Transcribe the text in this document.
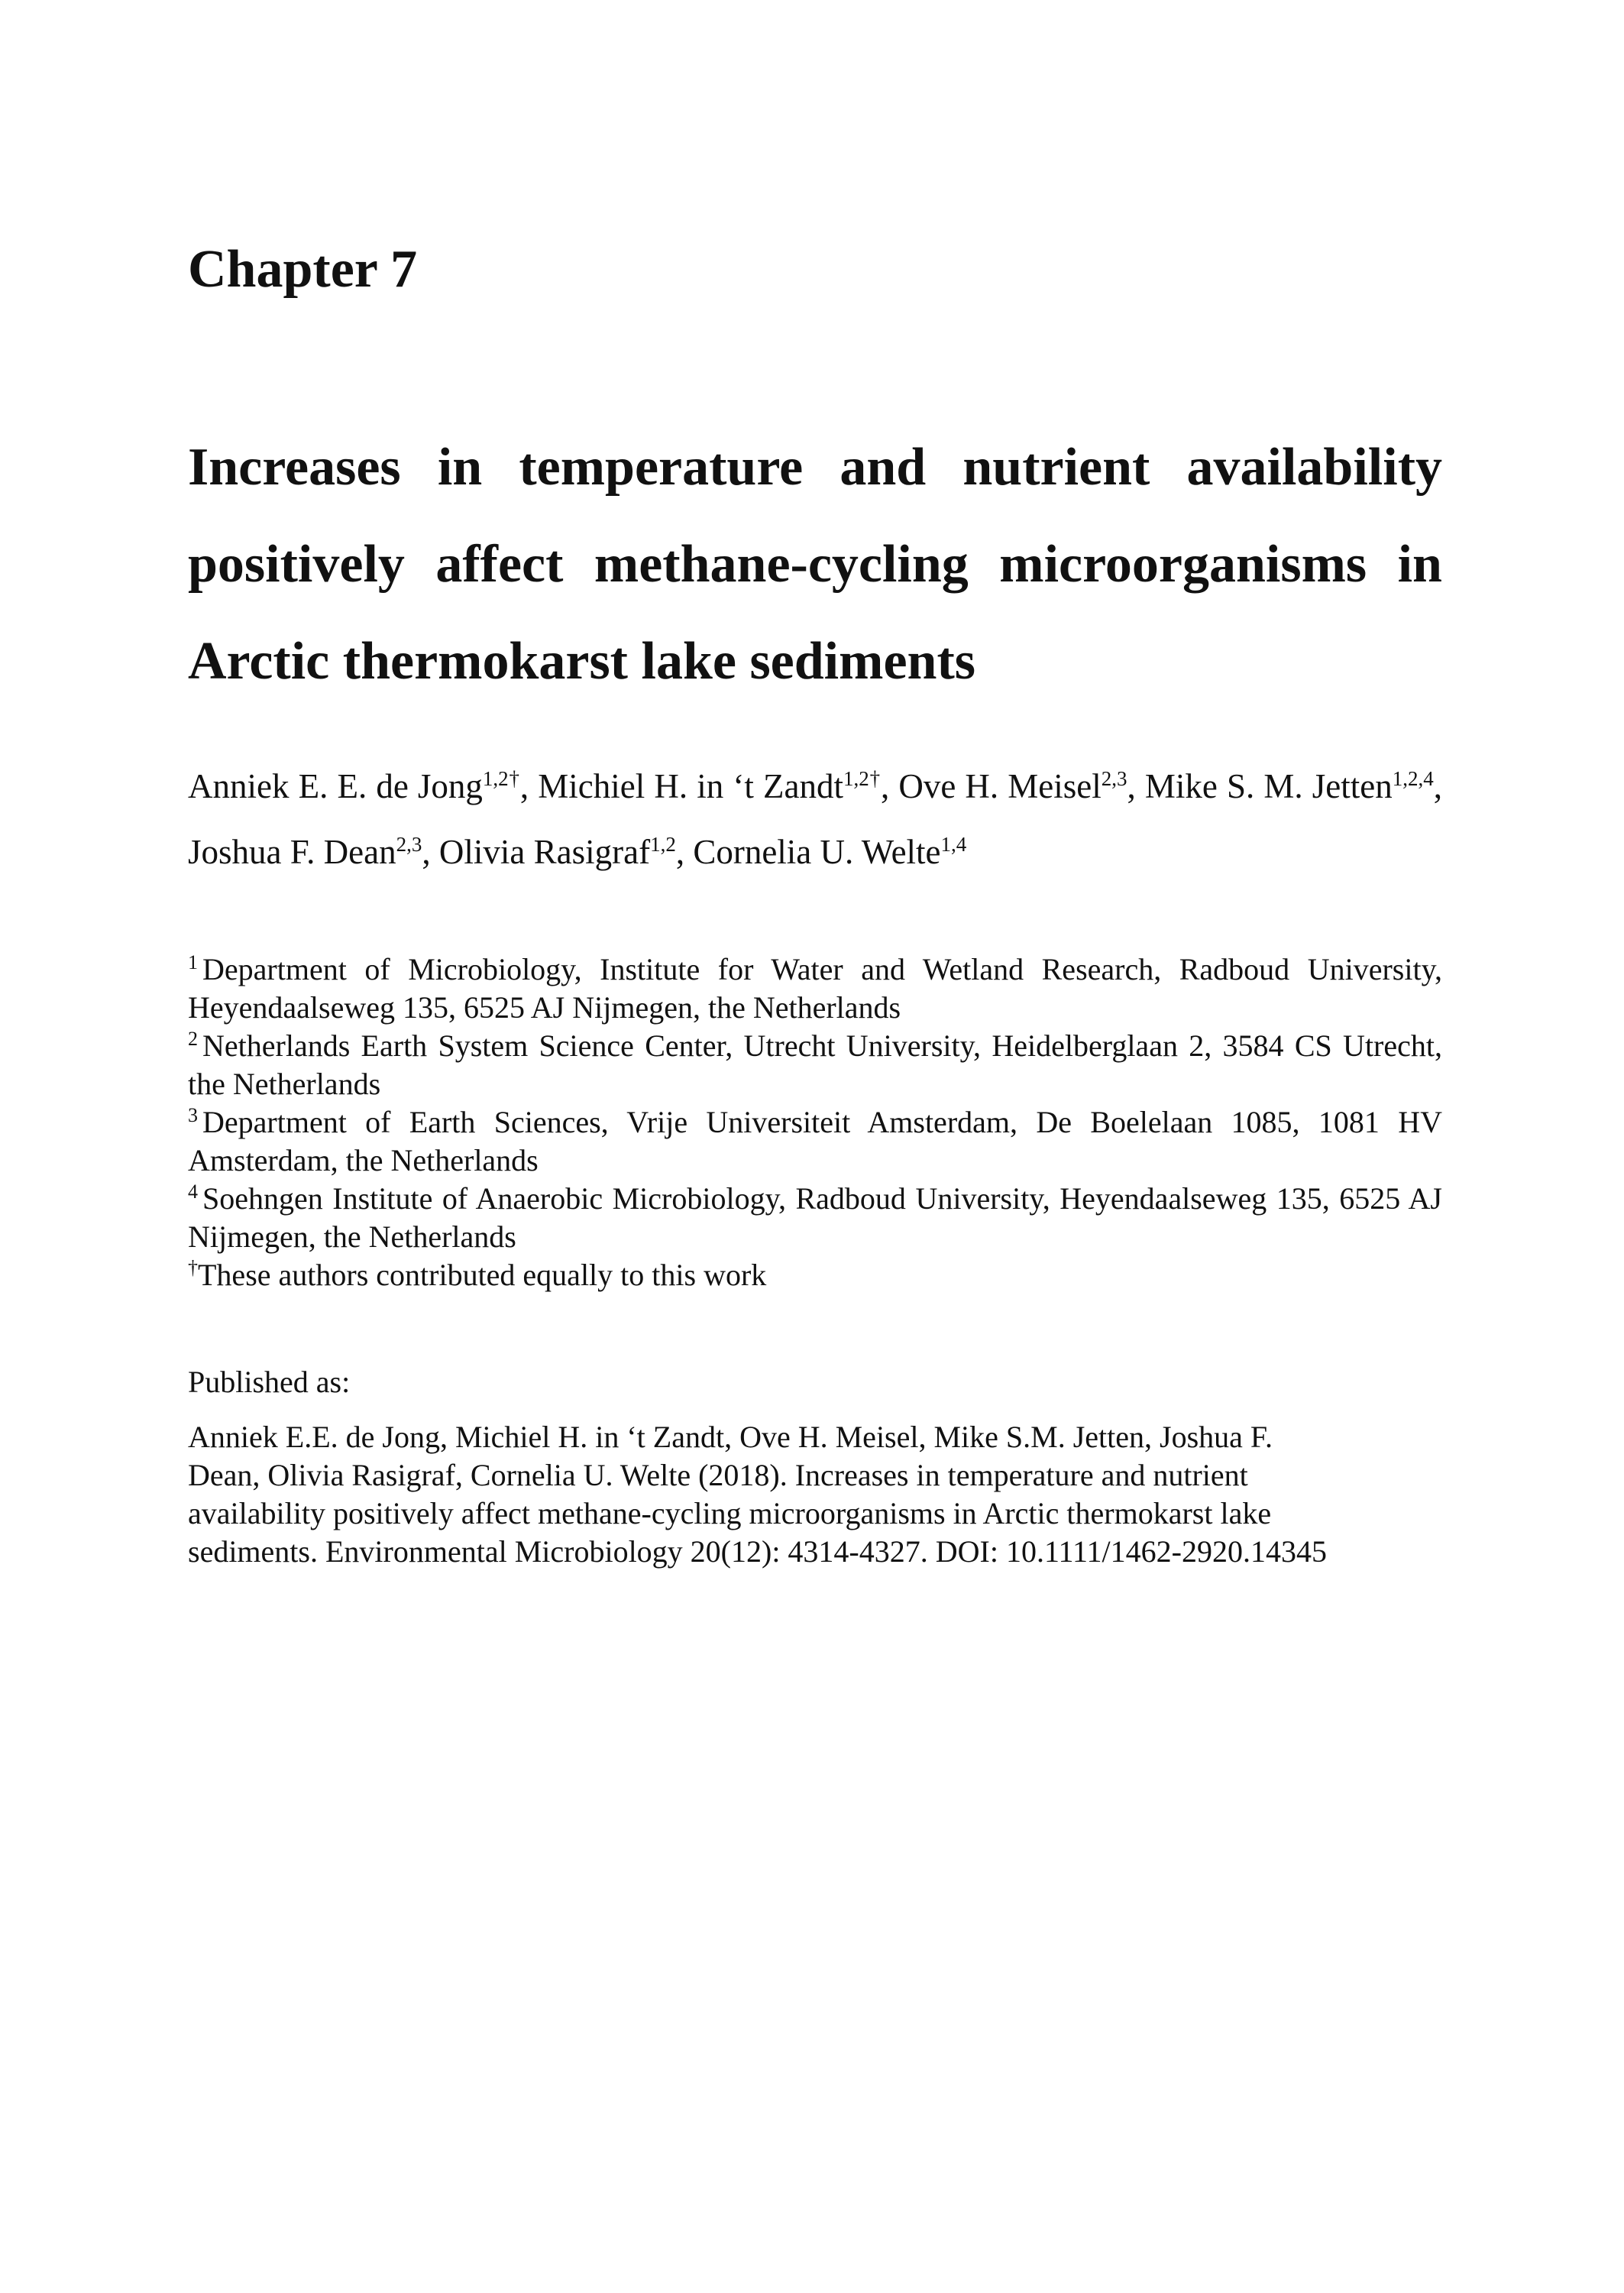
Chapter 7
Increases in temperature and nutrient availability positively affect methane-cycling microorganisms in Arctic thermokarst lake sediments

Anniek E. E. de Jong$^{1,2\dagger}$, Michiel H. in ‘t Zandt$^{1,2\dagger}$, Ove H. Meisel$^{2,3}$, Mike S. M. Jetten$^{1,2,4}$, Joshua F. Dean$^{2,3}$, Olivia Rasigraf$^{1,2}$, Cornelia U. Welte$^{1,4}$

$^1$ Department of Microbiology, Institute for Water and Wetland Research, Radboud University, Heyendaalseweg 135, 6525 AJ Nijmegen, the Netherlands

$^2$ Netherlands Earth System Science Center, Utrecht University, Heidelberglaan 2, 3584 CS Utrecht, the Netherlands

$^3$ Department of Earth Sciences, Vrije Universiteit Amsterdam, De Boelelaan 1085, 1081 HV Amsterdam, the Netherlands

$^4$ Soehngen Institute of Anaerobic Microbiology, Radboud University, Heyendaalseweg 135, 6525 AJ Nijmegen, the Netherlands

†These authors contributed equally to this work

Published as:

Anniek E.E. de Jong, Michiel H. in ‘t Zandt, Ove H. Meisel, Mike S.M. Jetten, Joshua F.
Dean, Olivia Rasigraf, Cornelia U. Welte (2018). Increases in temperature and nutrient
availability positively affect methane-cycling microorganisms in Arctic thermokarst lake
sediments. Environmental Microbiology 20(12): 4314-4327. DOI: 10.1111/1462-2920.14345
